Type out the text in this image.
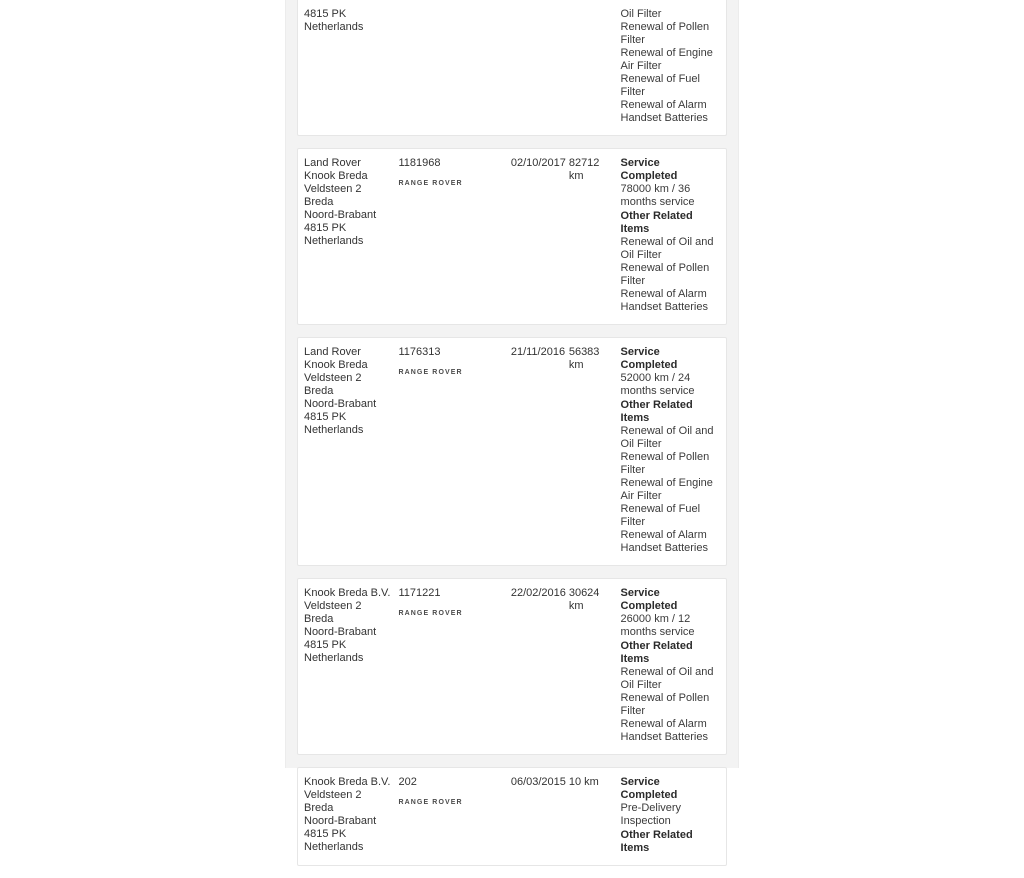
4815 PK
Netherlands
Oil Filter
Renewal of Pollen Filter
Renewal of Engine Air Filter
Renewal of Fuel Filter
Renewal of Alarm Handset Batteries
Land Rover Knook Breda
Veldsteen 2
Breda
Noord-Brabant
4815 PK
Netherlands
1181968
RANGE ROVER
02/10/2017 82712 km
Service Completed
78000 km / 36 months service
Other Related Items
Renewal of Oil and Oil Filter
Renewal of Pollen Filter
Renewal of Alarm Handset Batteries
Land Rover Knook Breda
Veldsteen 2
Breda
Noord-Brabant
4815 PK
Netherlands
1176313
RANGE ROVER
21/11/2016 56383 km
Service Completed
52000 km / 24 months service
Other Related Items
Renewal of Oil and Oil Filter
Renewal of Pollen Filter
Renewal of Engine Air Filter
Renewal of Fuel Filter
Renewal of Alarm Handset Batteries
Knook Breda B.V.
Veldsteen 2
Breda
Noord-Brabant
4815 PK
Netherlands
1171221
RANGE ROVER
22/02/2016 30624 km
Service Completed
26000 km / 12 months service
Other Related Items
Renewal of Oil and Oil Filter
Renewal of Pollen Filter
Renewal of Alarm Handset Batteries
Knook Breda B.V.
Veldsteen 2
Breda
Noord-Brabant
4815 PK
Netherlands
202
RANGE ROVER
06/03/2015 10 km	Service Completed
Pre-Delivery Inspection
Other Related Items
